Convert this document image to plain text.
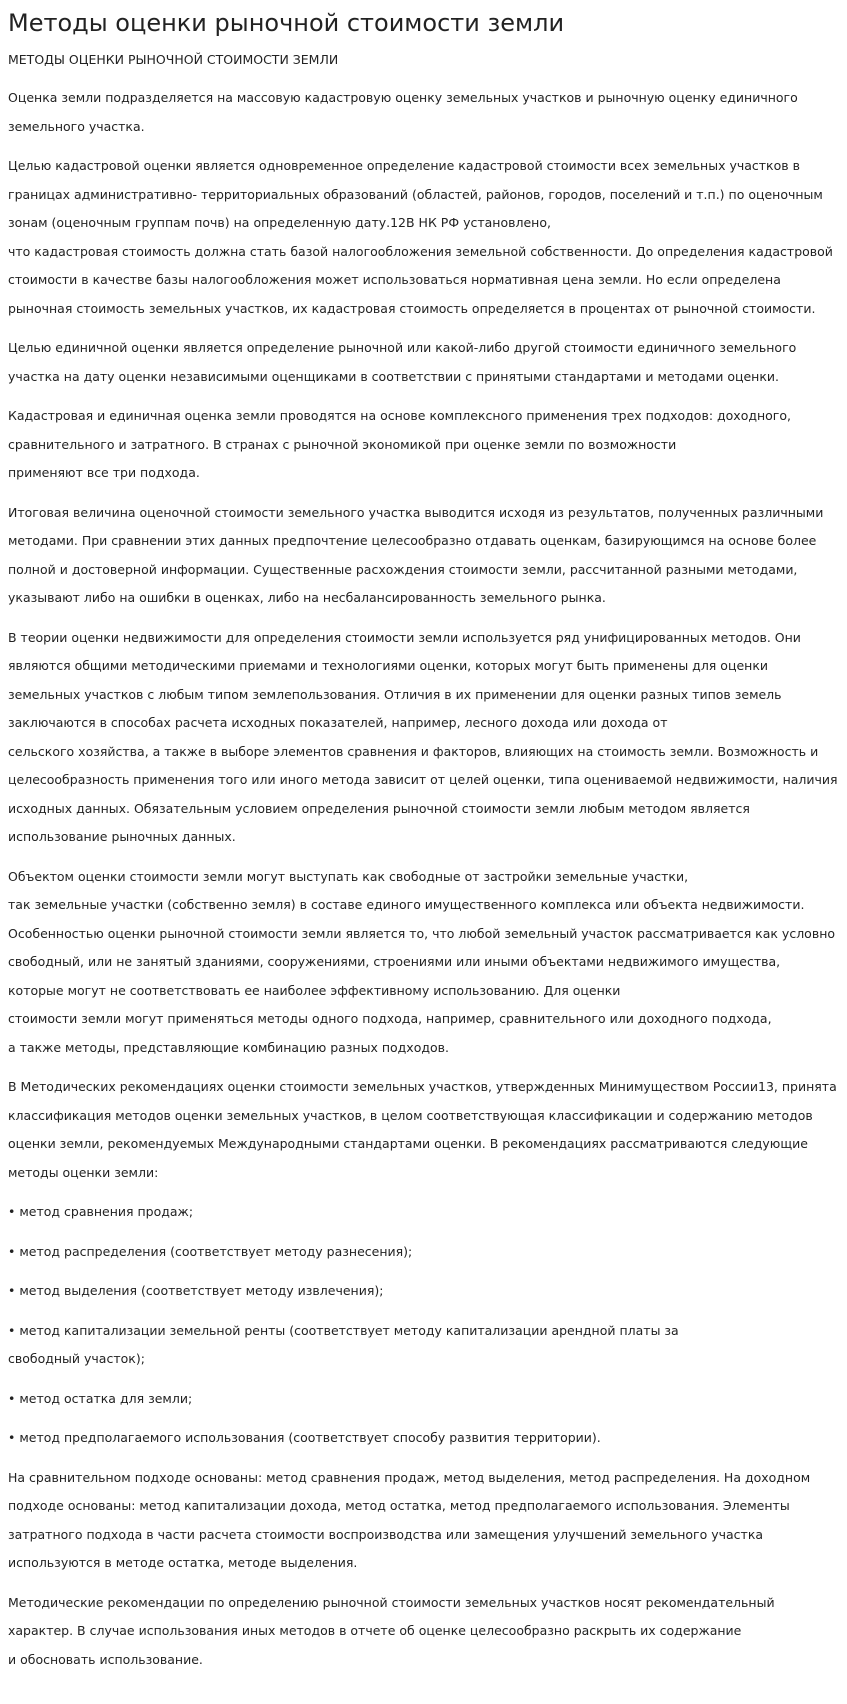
Методы оценки рыночной стоимости земли
МЕТОДЫ ОЦЕНКИ РЫНОЧНОЙ СТОИМОСТИ ЗЕМЛИ
Оценка земли подразделяется на массовую кадастровую оценку земельных участков и рыночную оценку единичного земельного участка.
Целью кадастровой оценки является одновременное определение кадастровой стоимости всех земельных участков в границах административно- территориальных образований (областей, районов, городов, поселений и т.п.) по оценочным зонам (оценочным группам почв) на определенную дату.12В НК РФ установлено,
что кадастровая стоимость должна стать базой налогообложения земельной собственности. До определения кадастровой стоимости в качестве базы налогообложения может использоваться нормативная цена земли. Но если определена рыночная стоимость земельных участков, их кадастровая стоимость определяется в процентах от рыночной стоимости.
Целью единичной оценки является определение рыночной или какой-либо другой стоимости единичного земельного участка на дату оценки независимыми оценщиками в соответствии с принятыми стандартами и методами оценки.
Кадастровая и единичная оценка земли проводятся на основе комплексного применения трех подходов: доходного, сравнительного и затратного. В странах с рыночной экономикой при оценке земли по возможности
применяют все три подхода.
Итоговая величина оценочной стоимости земельного участка выводится исходя из результатов, полученных различными методами. При сравнении этих данных предпочтение целесообразно отдавать оценкам, базирующимся на основе более полной и достоверной информации. Существенные расхождения стоимости земли, рассчитанной разными методами, указывают либо на ошибки в оценках, либо на несбалансированность земельного рынка.
В теории оценки недвижимости для определения стоимости земли используется ряд унифицированных методов. Они являются общими методическими приемами и технологиями оценки, которых могут быть применены для оценки земельных участков с любым типом землепользования. Отличия в их применении для оценки разных типов земель заключаются в способах расчета исходных показателей, например, лесного дохода или дохода от
сельского хозяйства, а также в выборе элементов сравнения и факторов, влияющих на стоимость земли. Возможность и целесообразность применения того или иного метода зависит от целей оценки, типа оцениваемой недвижимости, наличия исходных данных. Обязательным условием определения рыночной стоимости земли любым методом является использование рыночных данных.
Объектом оценки стоимости земли могут выступать как свободные от застройки земельные участки,
так земельные участки (собственно земля) в составе единого имущественного комплекса или объекта недвижимости. Особенностью оценки рыночной стоимости земли является то, что любой земельный участок рассматривается как условно свободный, или не занятый зданиями, сооружениями, строениями или иными объектами недвижимого имущества, которые могут не соответствовать ее наиболее эффективному использованию. Для оценки
стоимости земли могут применяться методы одного подхода, например, сравнительного или доходного подхода,
а также методы, представляющие комбинацию разных подходов.
В Методических рекомендациях оценки стоимости земельных участков, утвержденных Минимуществом России13, принята классификация методов оценки земельных участков, в целом соответствующая классификации и содержанию методов оценки земли, рекомендуемых Международными стандартами оценки. В рекомендациях рассматриваются следующие методы оценки земли:
• метод сравнения продаж;
• метод распределения (соответствует методу разнесения);
• метод выделения (соответствует методу извлечения);
• метод капитализации земельной ренты (соответствует методу капитализации арендной платы за
свободный участок);
• метод остатка для земли;
• метод предполагаемого использования (соответствует способу развития территории).
На сравнительном подходе основаны: метод сравнения продаж, метод выделения, метод распределения. На доходном подходе основаны: метод капитализации дохода, метод остатка, метод предполагаемого использования. Элементы затратного подхода в части расчета стоимости воспроизводства или замещения улучшений земельного участка используются в методе остатка, методе выделения.
Методические рекомендации по определению рыночной стоимости земельных участков носят рекомендательный характер. В случае использования иных методов в отчете об оценке целесообразно раскрыть их содержание
и обосновать использование.
